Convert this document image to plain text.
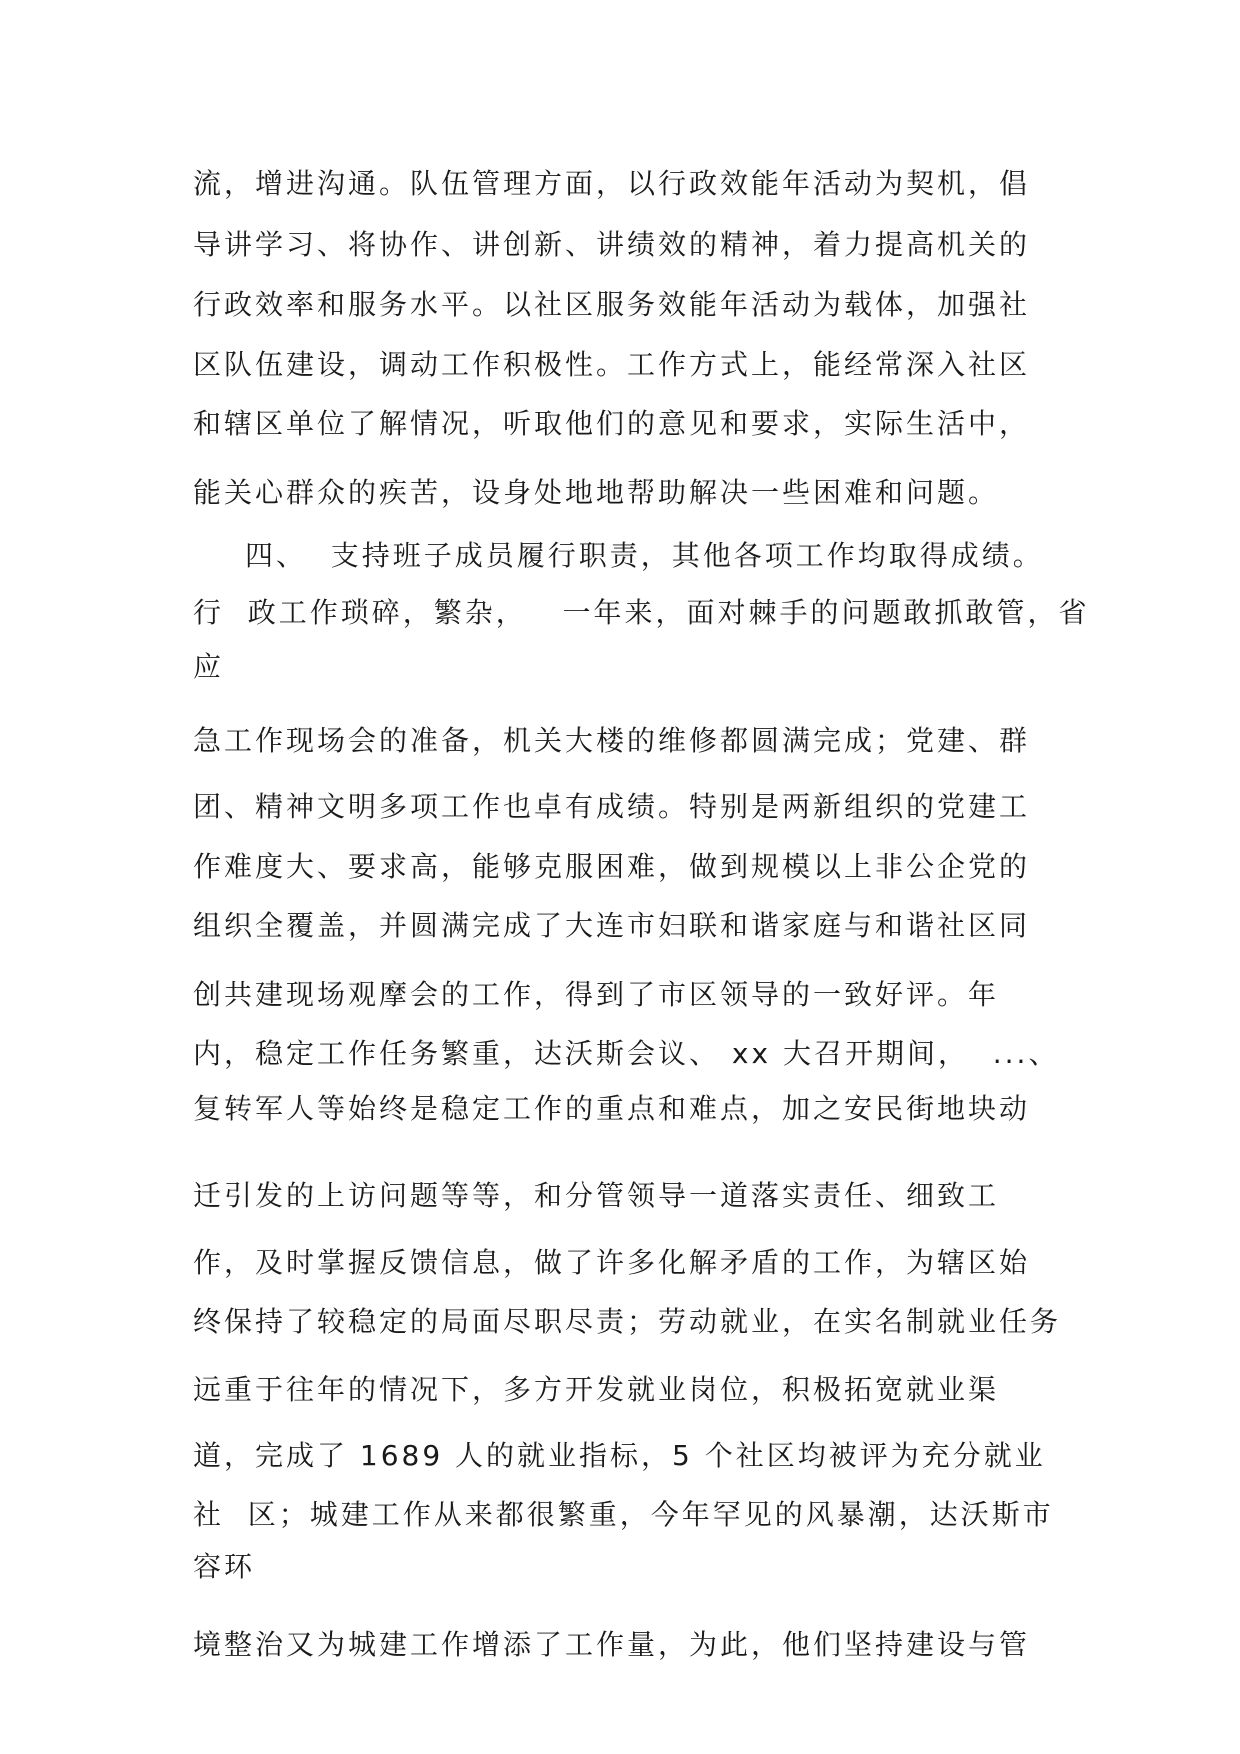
流，增进沟通。队伍管理方面，以行政效能年活动为契机，倡

导讲学习、将协作、讲创新、讲绩效的精神，着力提高机关的

行政效率和服务水平。以社区服务效能年活动为载体，加强社

区队伍建设，调动工作积极性。工作方式上，能经常深入社区

和辖区单位了解情况，听取他们的意见和要求，实际生活中，

能关心群众的疾苦，设身处地地帮助解决一些困难和问题。

四、  支持班子成员履行职责，其他各项工作均取得成绩。

行  政工作琐碎，繁杂，   一年来，面对棘手的问题敢抓敢管，省

应

急工作现场会的准备，机关大楼的维修都圆满完成；党建、群

团、精神文明多项工作也卓有成绩。特别是两新组织的党建工

作难度大、要求高，能够克服困难，做到规模以上非公企党的

组织全覆盖，并圆满完成了大连市妇联和谐家庭与和谐社区同

创共建现场观摩会的工作，得到了市区领导的一致好评。年

内，稳定工作任务繁重，达沃斯会议、 xx 大召开期间，  ...、

复转军人等始终是稳定工作的重点和难点，加之安民街地块动

迁引发的上访问题等等，和分管领导一道落实责任、细致工

作，及时掌握反馈信息，做了许多化解矛盾的工作，为辖区始

终保持了较稳定的局面尽职尽责；劳动就业，在实名制就业任务

远重于往年的情况下，多方开发就业岗位，积极拓宽就业渠

道，完成了 1689 人的就业指标，5 个社区均被评为充分就业

社  区；城建工作从来都很繁重，今年罕见的风暴潮，达沃斯市

容环

境整治又为城建工作增添了工作量，为此，他们坚持建设与管
